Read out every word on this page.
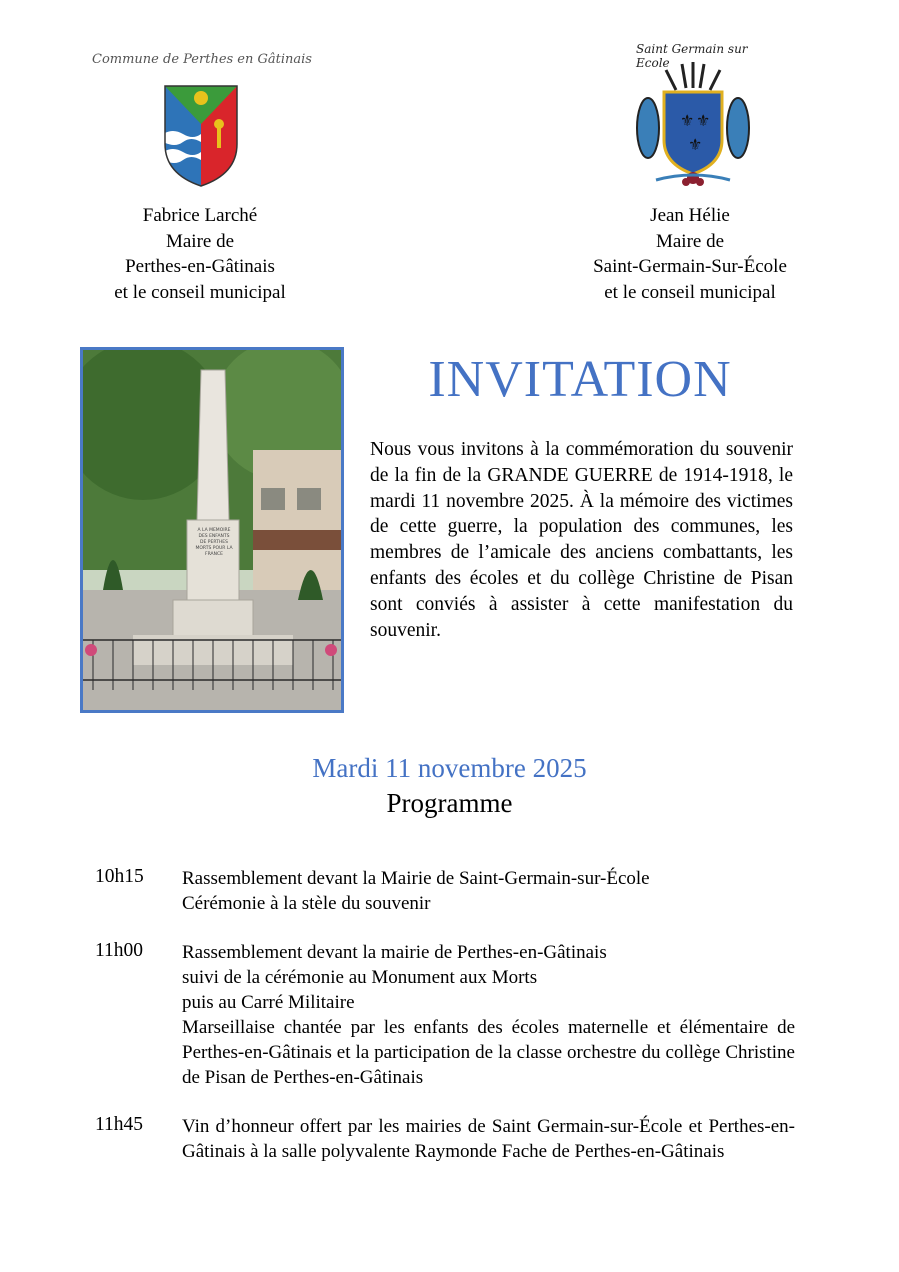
Commune de Perthes en Gâtinais
Saint Germain sur Ecole
⚜ ⚜
⚜
Fabrice Larché
Maire de
Perthes-en-Gâtinais
et le conseil municipal
Jean Hélie
Maire de
Saint-Germain-Sur-École
et le conseil municipal
A LA MEMOIRE
DES ENFANTS
DE PERTHES
MORTS POUR LA FRANCE
INVITATION
Nous vous invitons à la commémoration du souvenir de la fin de la GRANDE GUERRE de 1914-1918, le mardi 11 novembre 2025. À la mémoire des victimes de cette guerre, la population des communes, les membres de l’amicale des anciens combattants, les enfants des écoles et du collège Christine de Pisan sont conviés à assister à cette manifestation du souvenir.
Mardi 11 novembre 2025
Programme
10h15 Rassemblement devant la Mairie de Saint-Germain-sur-École
Cérémonie à la stèle du souvenir
11h00 Rassemblement devant la mairie de Perthes-en-Gâtinais
suivi de la cérémonie au Monument aux Morts
puis au Carré Militaire
Marseillaise chantée par les enfants des écoles maternelle et élémentaire de Perthes-en-Gâtinais et la participation de la classe orchestre du collège Christine de Pisan de Perthes-en-Gâtinais
11h45 Vin d’honneur offert par les mairies de Saint Germain-sur-École et Perthes-en-Gâtinais à la salle polyvalente Raymonde Fache de Perthes-en-Gâtinais
